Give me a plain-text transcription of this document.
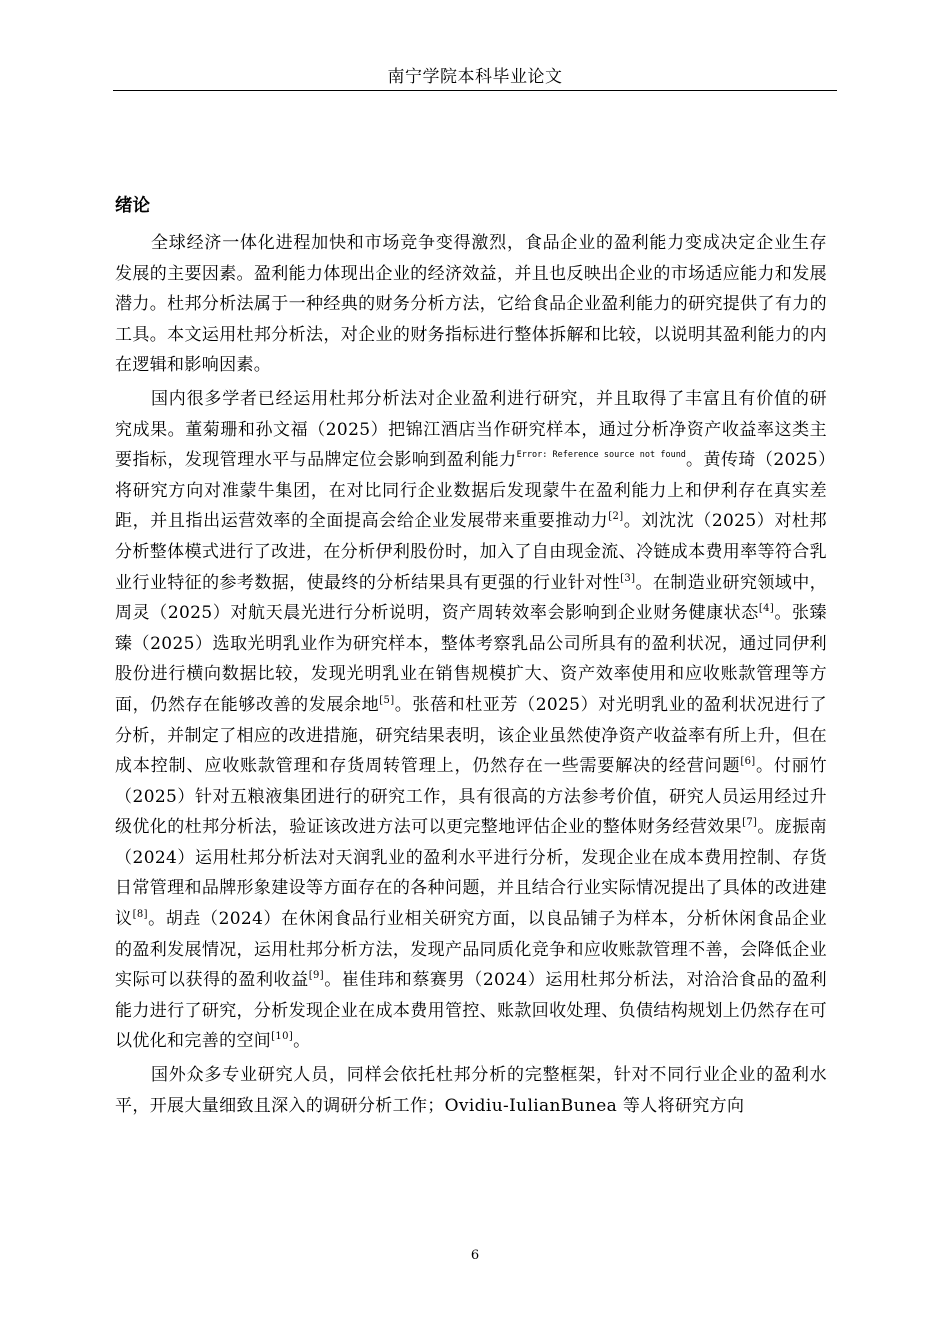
南宁学院本科毕业论文
绪论

全球经济一体化进程加快和市场竞争变得激烈，食品企业的盈利能力变成决定企业生存发展的主要因素。盈利能力体现出企业的经济效益，并且也反映出企业的市场适应能力和发展潜力。杜邦分析法属于一种经典的财务分析方法，它给食品企业盈利能力的研究提供了有力的工具。本文运用杜邦分析法，对企业的财务指标进行整体拆解和比较，以说明其盈利能力的内在逻辑和影响因素。

国内很多学者已经运用杜邦分析法对企业盈利进行研究，并且取得了丰富且有价值的研究成果。董菊珊和孙文福（2025）把锦江酒店当作研究样本，通过分析净资产收益率这类主要指标，发现管理水平与品牌定位会影响到盈利能力$^{Error: Reference source not found}$。黄传琦（2025）将研究方向对准蒙牛集团，在对比同行企业数据后发现蒙牛在盈利能力上和伊利存在真实差距，并且指出运营效率的全面提高会给企业发展带来重要推动力[2]。刘沈沈（2025）对杜邦分析整体模式进行了改进，在分析伊利股份时，加入了自由现金流、冷链成本费用率等符合乳业行业特征的参考数据，使最终的分析结果具有更强的行业针对性[3]。在制造业研究领域中，周灵（2025）对航天晨光进行分析说明，资产周转效率会影响到企业财务健康状态[4]。张臻臻（2025）选取光明乳业作为研究样本，整体考察乳品公司所具有的盈利状况，通过同伊利股份进行横向数据比较，发现光明乳业在销售规模扩大、资产效率使用和应收账款管理等方面，仍然存在能够改善的发展余地[5]。张蓓和杜亚芳（2025）对光明乳业的盈利状况进行了分析，并制定了相应的改进措施，研究结果表明，该企业虽然使净资产收益率有所上升，但在成本控制、应收账款管理和存货周转管理上，仍然存在一些需要解决的经营问题[6]。付丽竹（2025）针对五粮液集团进行的研究工作，具有很高的方法参考价值，研究人员运用经过升级优化的杜邦分析法，验证该改进方法可以更完整地评估企业的整体财务经营效果[7]。庞振南（2024）运用杜邦分析法对天润乳业的盈利水平进行分析，发现企业在成本费用控制、存货日常管理和品牌形象建设等方面存在的各种问题，并且结合行业实际情况提出了具体的改进建议[8]。胡垚（2024）在休闲食品行业相关研究方面，以良品铺子为样本，分析休闲食品企业的盈利发展情况，运用杜邦分析方法，发现产品同质化竞争和应收账款管理不善，会降低企业实际可以获得的盈利收益[9]。崔佳玮和蔡赛男（2024）运用杜邦分析法，对洽洽食品的盈利能力进行了研究，分析发现企业在成本费用管控、账款回收处理、负债结构规划上仍然存在可以优化和完善的空间[10]。

国外众多专业研究人员，同样会依托杜邦分析的完整框架，针对不同行业企业的盈利水平，开展大量细致且深入的调研分析工作；Ovidiu-IulianBunea 等人将研究方向

6
